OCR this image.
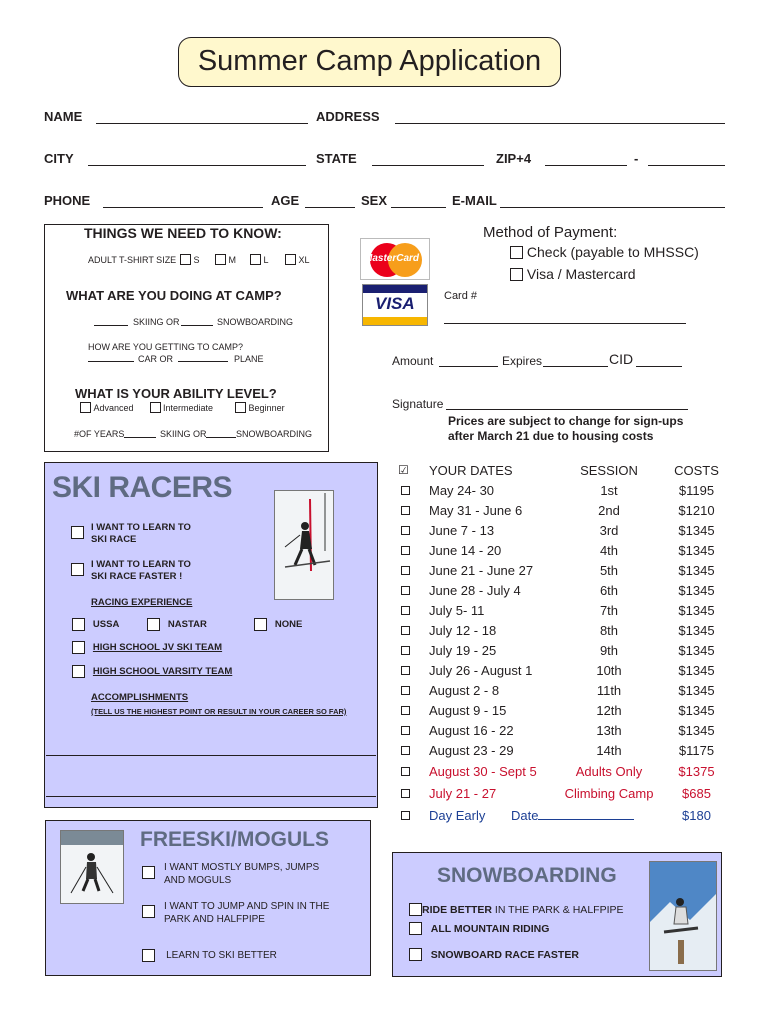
Summer Camp Application
NAME	ADDRESS
CITY	STATE	ZIP+4	-
PHONE	AGE	SEX	E-MAIL
THINGS WE NEED TO KNOW:
ADULT T-SHIRT SIZE
S
	M
	L
	XL
WHAT ARE YOU DOING AT CAMP?
SKIING OR	SNOWBOARDING
HOW ARE YOU GETTING TO CAMP?
CAR OR	PLANE
WHAT IS YOUR ABILITY LEVEL?

Advanced
	Intermediate
	Beginner
#OF YEARS	SKIING OR	SNOWBOARDING
Method of Payment:

Check (payable to MHSSC)

Visa / Mastercard
MasterCard
VISA	Card #
Amount	Expires	CID
Signature
Prices are subject to change for sign-ups
after March 21 due to housing costs
SKI RACERS
I WANT TO LEARN TO
SKI RACE
I WANT TO LEARN TO
SKI RACE FASTER !
RACING EXPERIENCE

USSA
	NASTAR
	NONE

HIGH SCHOOL JV SKI TEAM

HIGH SCHOOL VARSITY TEAM
ACCOMPLISHMENTS
(TELL US THE HIGHEST POINT OR RESULT IN YOUR CAREER SO FAR)
☑	YOUR DATES	SESSION	COSTS
	May 24- 30	1st	$1195
	May 31 - June 6	2nd	$1210
	June 7 - 13	3rd	$1345
	June 14 - 20	4th	$1345
	June 21 - June 27	5th	$1345
	June 28 - July 4	6th	$1345
	July 5- 11	7th	$1345
	July 12 - 18	8th	$1345
	July 19 - 25	9th	$1345
	July 26 - August 1	10th	$1345
	August 2 - 8	11th	$1345
	August 9 - 15	12th	$1345
	August 16 - 22	13th	$1345
	August 23 - 29	14th	$1175
	August 30 - Sept 5	Adults Only	$1375
	July 21 - 27	Climbing Camp	$685
	Day Early Date		$180
FREESKI/MOGULS
I WANT MOSTLY BUMPS, JUMPS
AND MOGULS
I WANT TO JUMP AND SPIN IN THE
PARK AND HALFPIPE

LEARN TO SKI BETTER
SNOWBOARDING
RIDE BETTER IN THE PARK & HALFPIPE

ALL MOUNTAIN RIDING

SNOWBOARD RACE FASTER
